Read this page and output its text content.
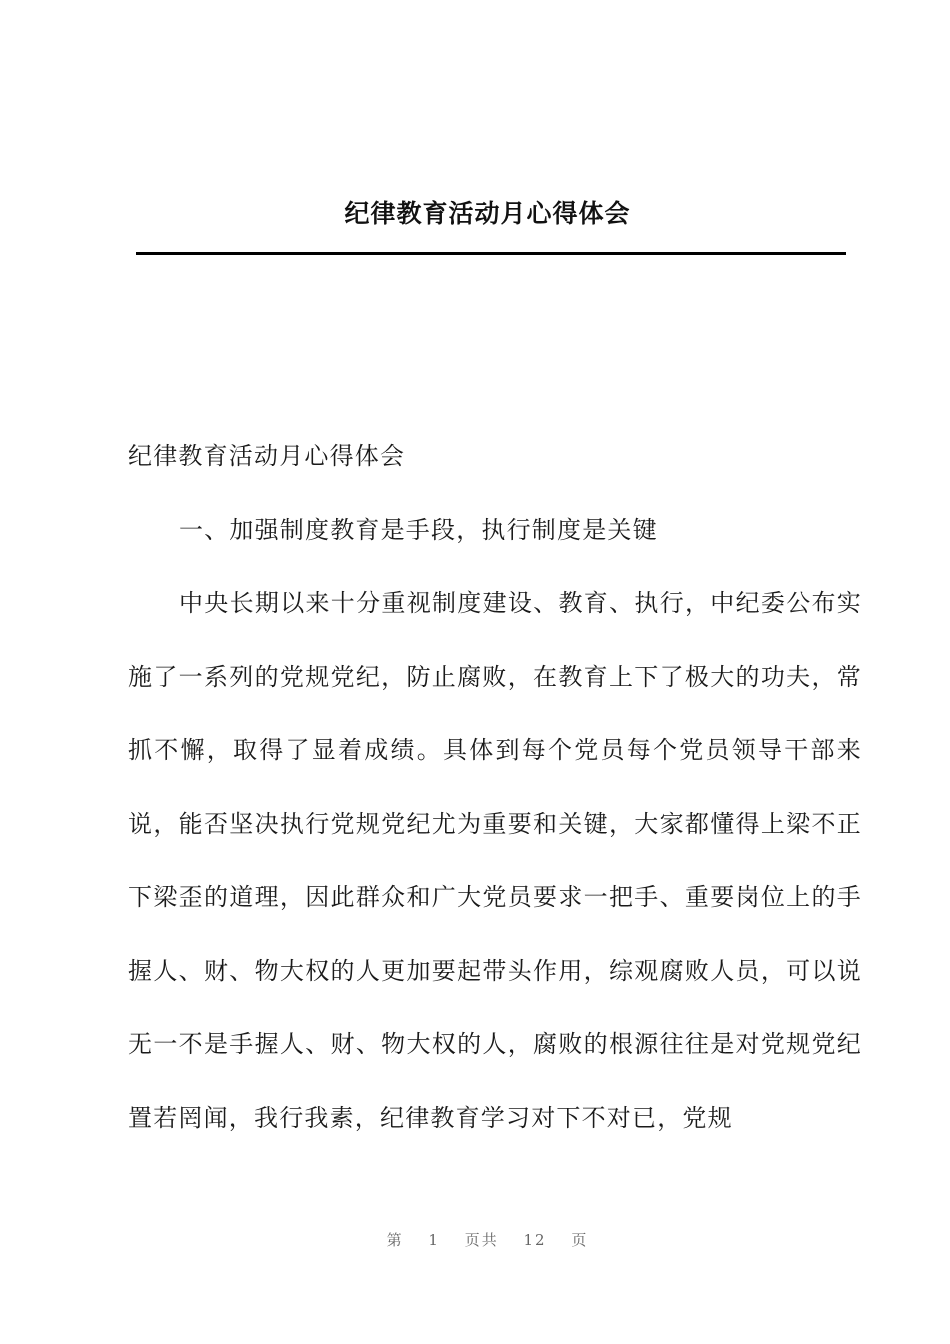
纪律教育活动月心得体会

纪律教育活动月心得体会

一、加强制度教育是手段，执行制度是关键

中央长期以来十分重视制度建设、教育、执行，中纪委公布实施了一系列的党规党纪，防止腐败，在教育上下了极大的功夫，常抓不懈，取得了显着成绩。具体到每个党员每个党员领导干部来说，能否坚决执行党规党纪尤为重要和关键，大家都懂得上梁不正下梁歪的道理，因此群众和广大党员要求一把手、重要岗位上的手握人、财、物大权的人更加要起带头作用，综观腐败人员，可以说无一不是手握人、财、物大权的人，腐败的根源往往是对党规党纪置若罔闻，我行我素，纪律教育学习对下不对已，党规

第 1 页共 12 页
